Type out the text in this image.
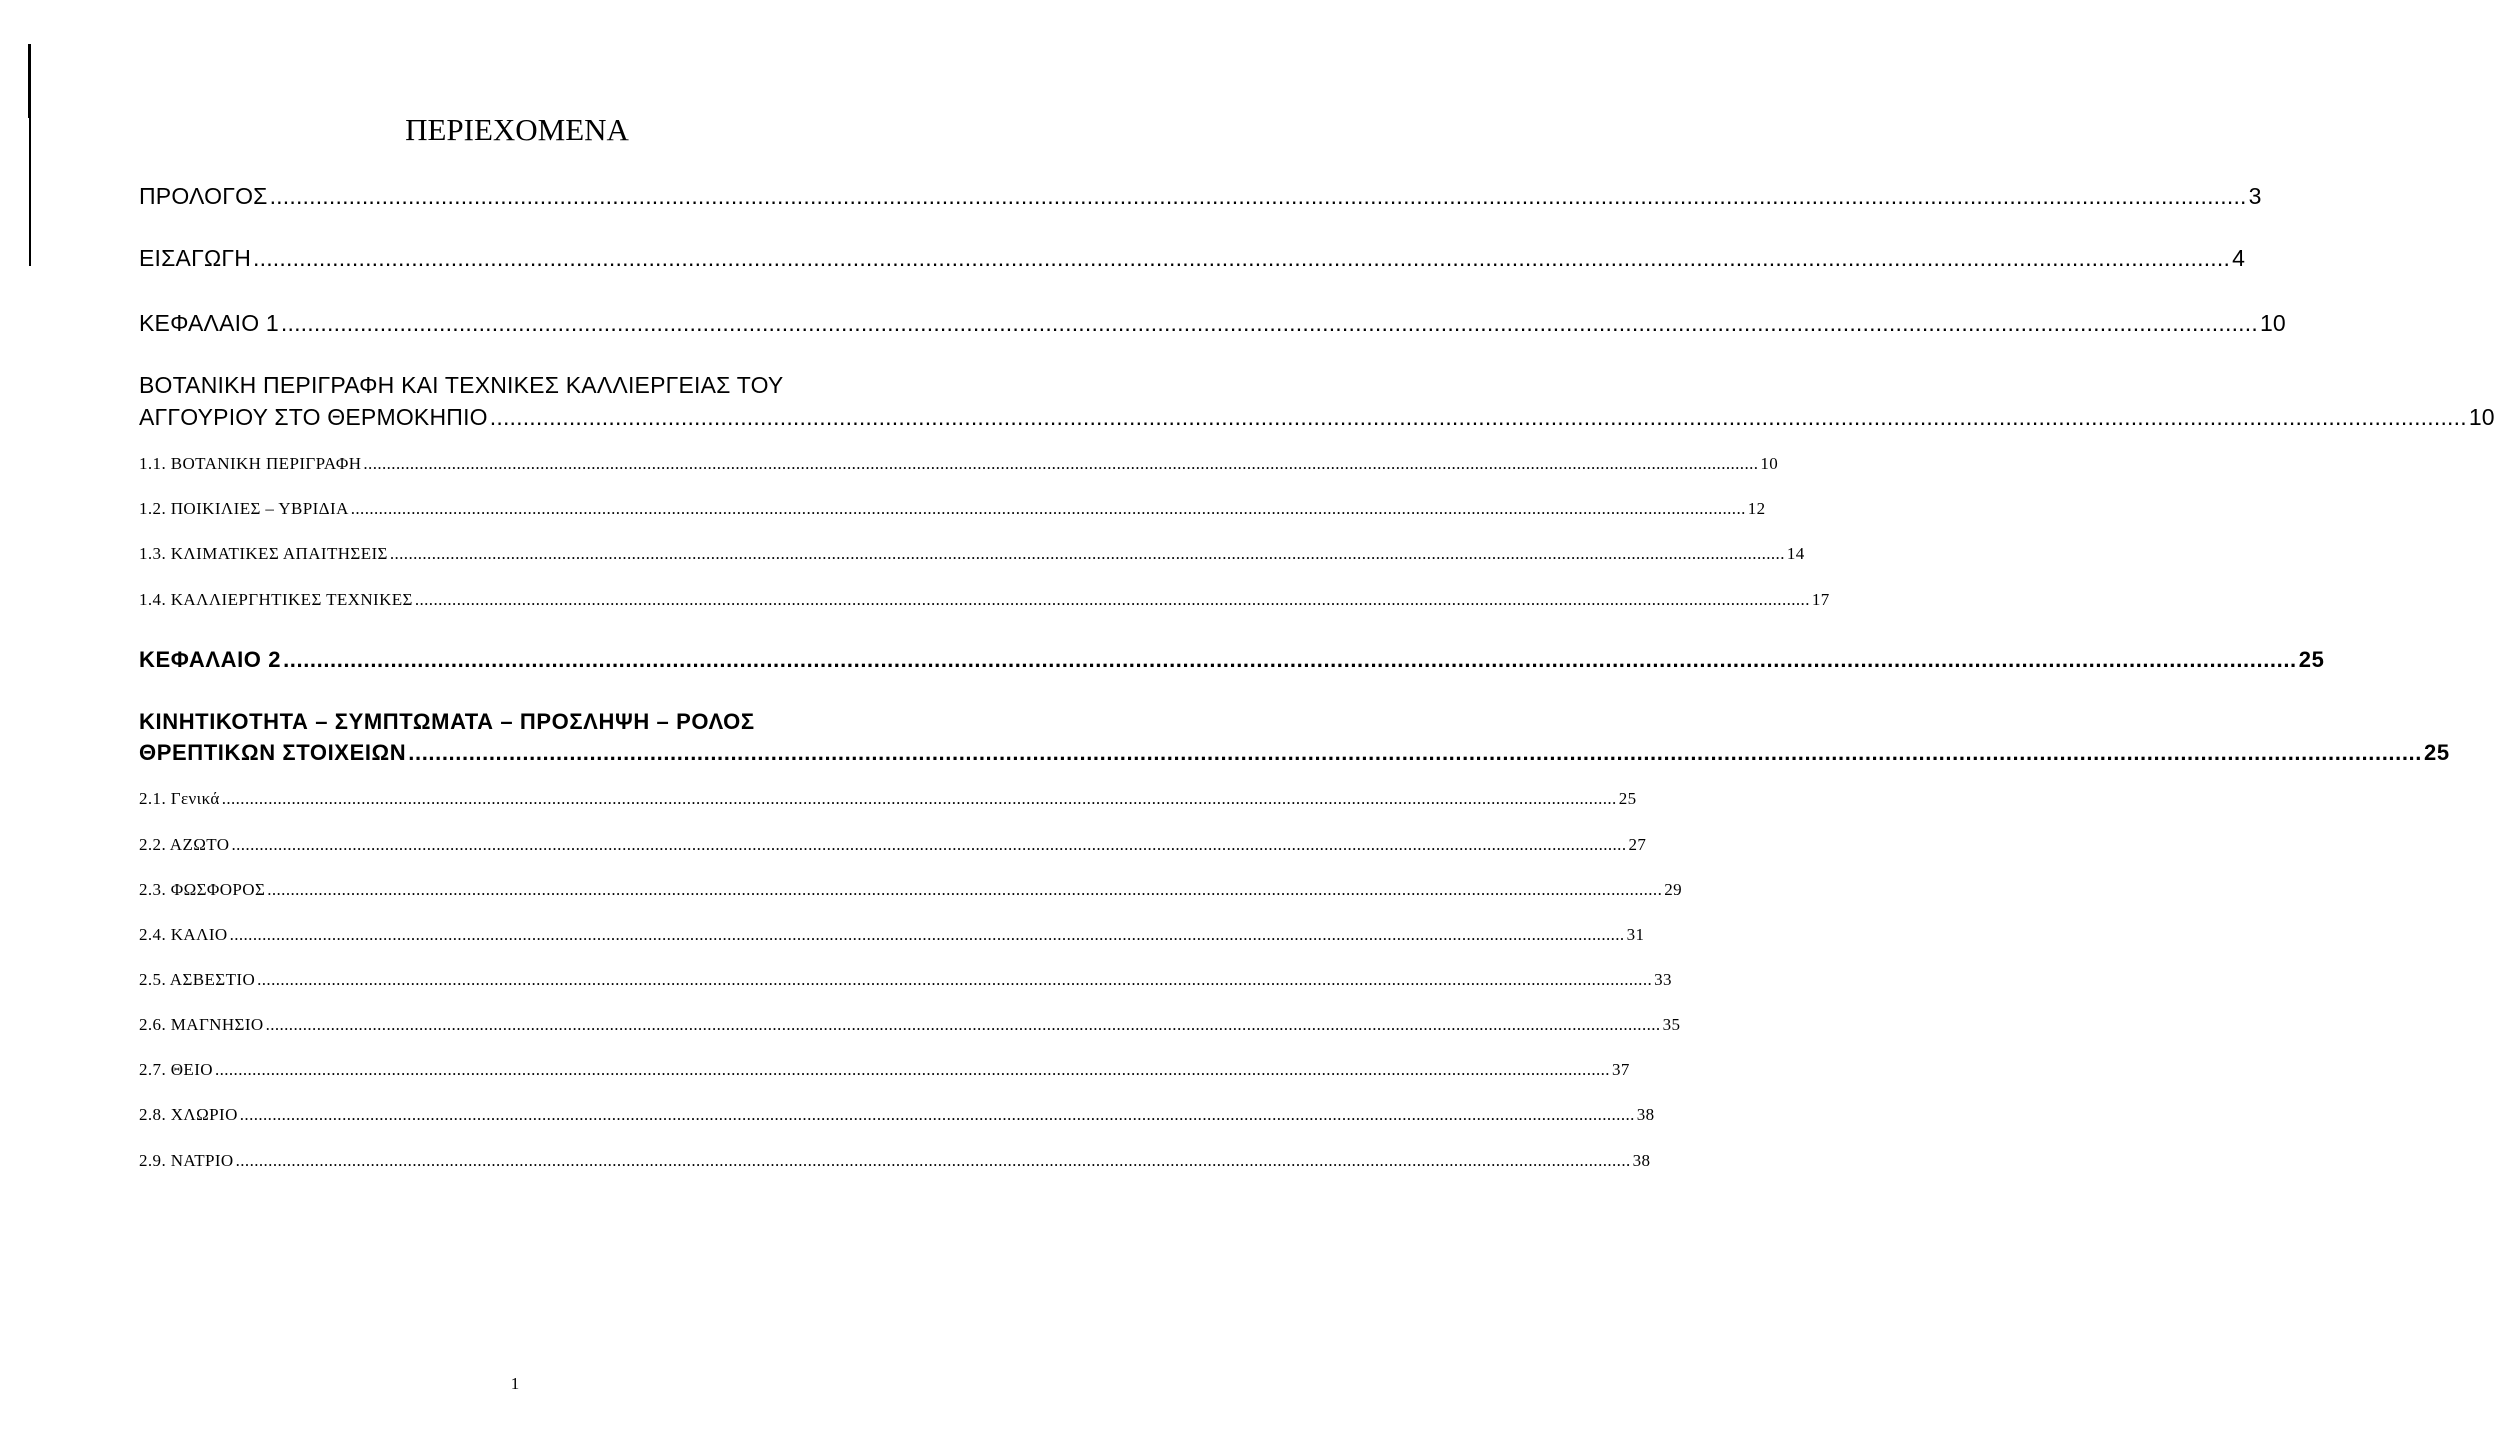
ΠΕΡΙΕΧΟΜΕΝΑ
ΠΡΟΛΟΓΟΣ ............................................................................................................................................................................................................................................................................................................ 3
ΕΙΣΑΓΩΓΗ ............................................................................................................................................................................................................................................................................................................ 4
ΚΕΦΑΛΑΙΟ 1 ............................................................................................................................................................................................................................................................................................................ 10
ΒΟΤΑΝΙΚΗ ΠΕΡΙΓΡΑΦΗ ΚΑΙ ΤΕΧΝΙΚΕΣ ΚΑΛΛΙΕΡΓΕΙΑΣ ΤΟΥ
ΑΓΓΟΥΡΙΟΥ ΣΤΟ ΘΕΡΜΟΚΗΠΙΟ ............................................................................................................................................................................................................................................................................................................ 10
1.1. ΒΟΤΑΝΙΚΗ ΠΕΡΙΓΡΑΦΗ ............................................................................................................................................................................................................................................................................................................ 10
1.2. ΠΟΙΚΙΛΙΕΣ – ΥΒΡΙΔΙΑ ............................................................................................................................................................................................................................................................................................................ 12
1.3. ΚΛΙΜΑΤΙΚΕΣ ΑΠΑΙΤΗΣΕΙΣ ............................................................................................................................................................................................................................................................................................................ 14
1.4. ΚΑΛΛΙΕΡΓΗΤΙΚΕΣ ΤΕΧΝΙΚΕΣ ............................................................................................................................................................................................................................................................................................................ 17
ΚΕΦΑΛΑΙΟ 2 ............................................................................................................................................................................................................................................................................................................ 25
ΚΙΝΗΤΙΚΟΤΗΤΑ – ΣΥΜΠΤΩΜΑΤΑ – ΠΡΟΣΛΗΨΗ – ΡΟΛΟΣ
ΘΡΕΠΤΙΚΩΝ ΣΤΟΙΧΕΙΩΝ ............................................................................................................................................................................................................................................................................................................ 25
2.1. Γενικά ............................................................................................................................................................................................................................................................................................................ 25
2.2. ΑΖΩΤΟ ............................................................................................................................................................................................................................................................................................................ 27
2.3. ΦΩΣΦΟΡΟΣ ............................................................................................................................................................................................................................................................................................................ 29
2.4. ΚΑΛΙΟ ............................................................................................................................................................................................................................................................................................................ 31
2.5. ΑΣΒΕΣΤΙΟ ............................................................................................................................................................................................................................................................................................................ 33
2.6. ΜΑΓΝΗΣΙΟ ............................................................................................................................................................................................................................................................................................................ 35
2.7. ΘΕΙΟ ............................................................................................................................................................................................................................................................................................................ 37
2.8. ΧΛΩΡΙΟ ............................................................................................................................................................................................................................................................................................................ 38
2.9. ΝΑΤΡΙΟ ............................................................................................................................................................................................................................................................................................................ 38
1
